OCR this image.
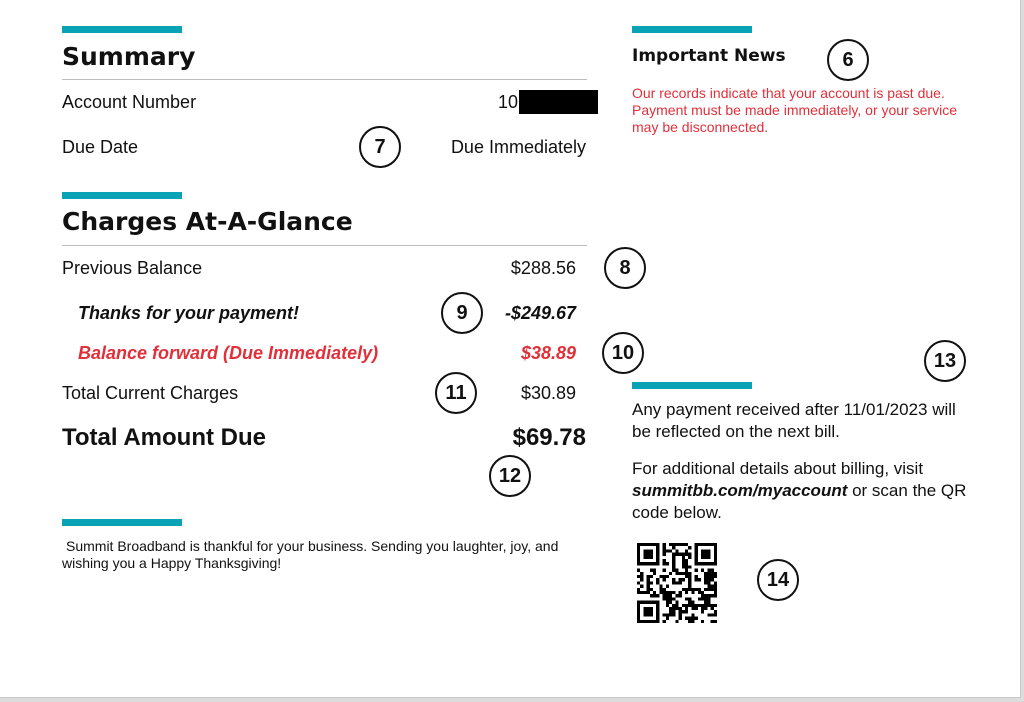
Summary
Account Number	10
Due Date	7	Due Immediately
Important News	6
Our records indicate that your account is past due. Payment must be made immediately, or your service may be disconnected.
Charges At-A-Glance
Previous Balance	$288.56	8
Thanks for your payment!	9	-$249.67
Balance forward (Due Immediately)	$38.89	10
Total Current Charges	11	$30.89
Total Amount Due	$69.78
12
13
Any payment received after 11/01/2023 will be reflected on the next bill.
For additional details about billing, visit summitbb.com/myaccount or scan the QR code below.
14
Summit Broadband is thankful for your business. Sending you laughter, joy, and wishing you a Happy Thanksgiving!
